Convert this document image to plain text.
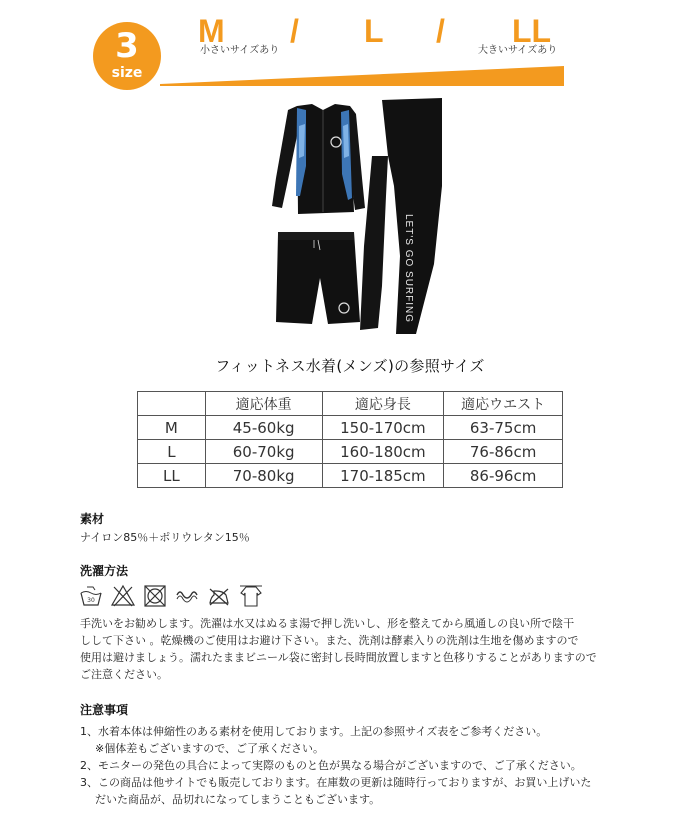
3
size
M / L / LL
小さいサイズあり	大きいサイズあり
LET'S GO SURFING
フィットネス水着(メンズ)の参照サイズ
	適応体重	適応身長	適応ウエスト
M	45-60kg	150-170cm	63-75cm
L	60-70kg	160-180cm	76-86cm
LL	70-80kg	170-185cm	86-96cm
素材
ナイロン85％＋ポリウレタン15％
洗濯方法
30
手洗いをお勧めします。洗濯は水又はぬるま湯で押し洗いし、形を整えてから風通しの良い所で陰干
しして下さい 。乾燥機のご使用はお避け下さい。また、洗剤は酵素入りの洗剤は生地を傷めますので
使用は避けましょう。濡れたままビニール袋に密封し長時間放置しますと色移りすることがありますので
ご注意ください。
注意事項
1、水着本体は伸縮性のある素材を使用しております。上記の参照サイズ表をご参考ください。
※個体差もございますので、ご了承ください。
2、モニターの発色の具合によって実際のものと色が異なる場合がございますので、ご了承ください。
3、この商品は他サイトでも販売しております。在庫数の更新は随時行っておりますが、お買い上げいた
だいた商品が、品切れになってしまうこともございます。
